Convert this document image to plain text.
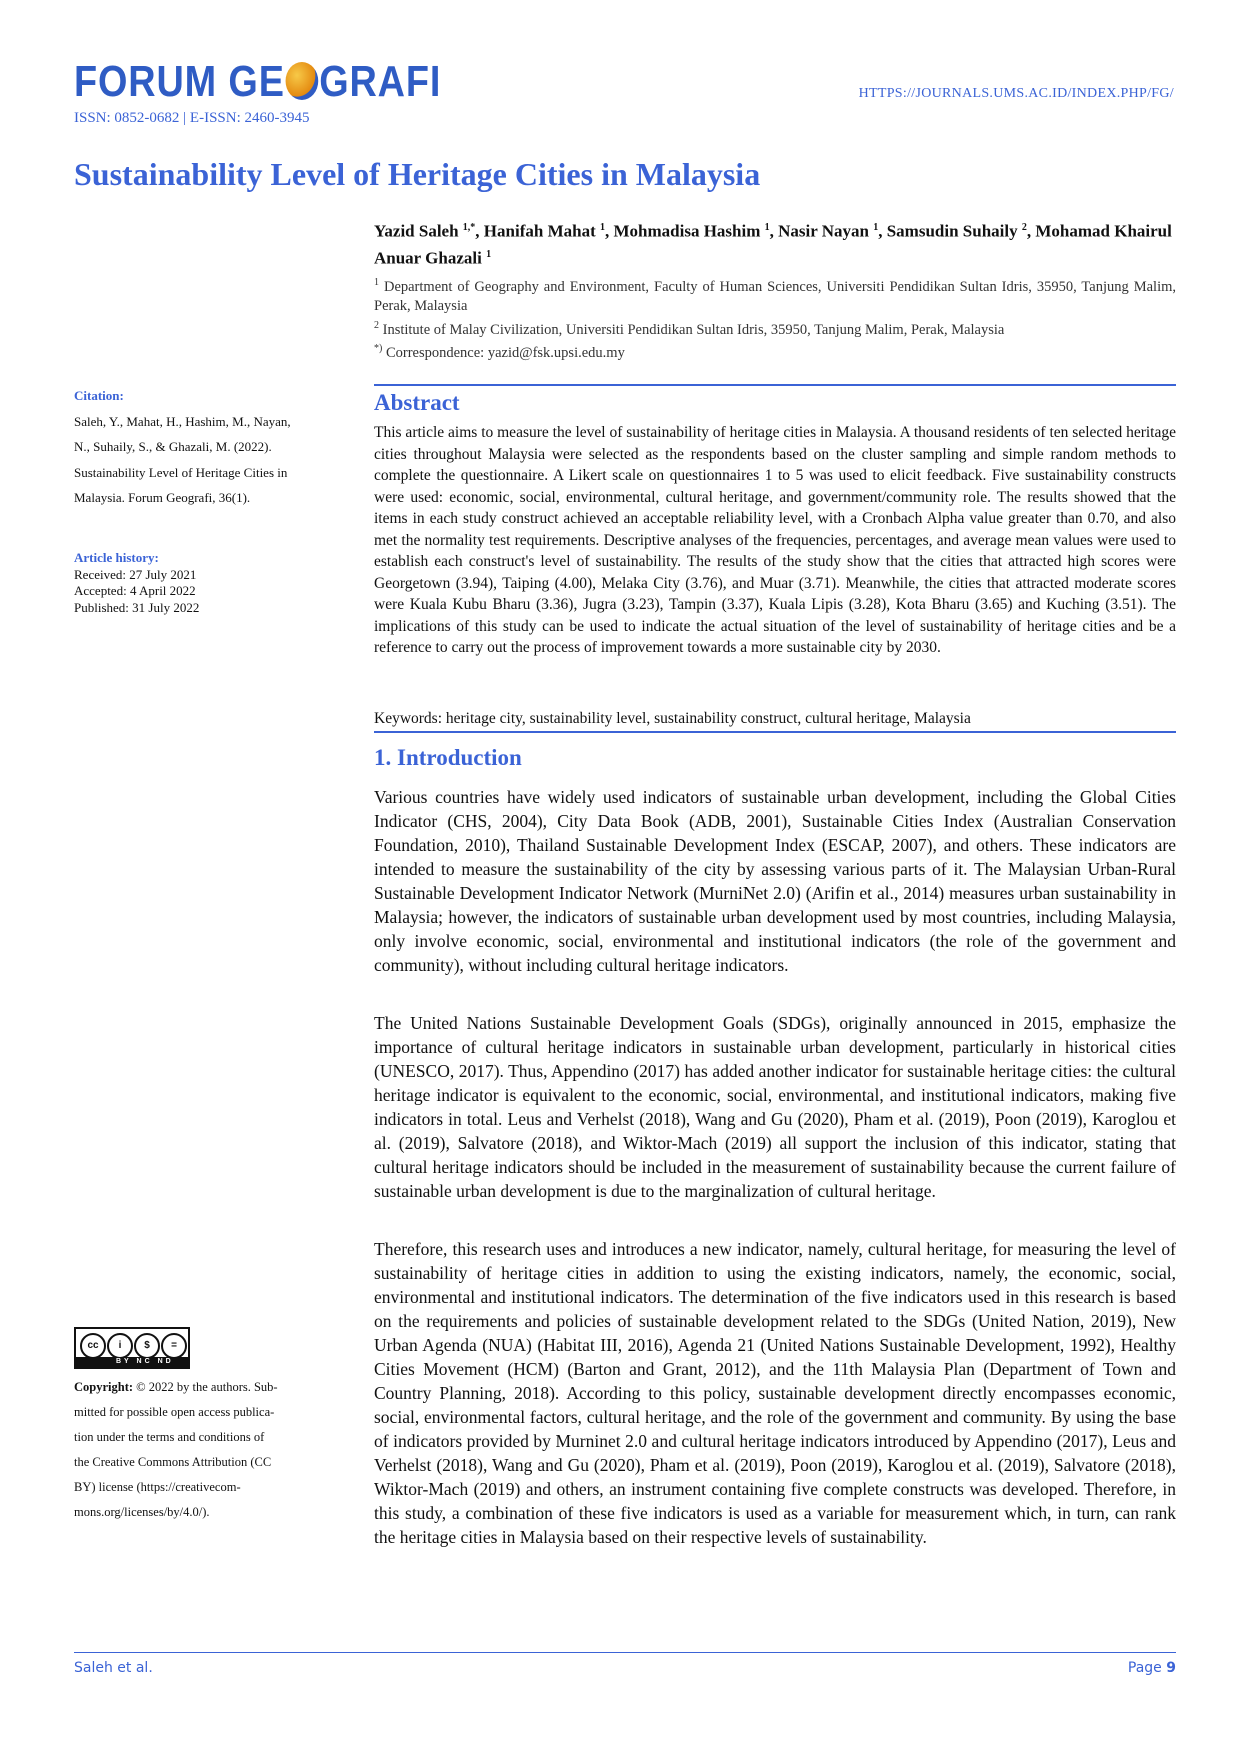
FORUM GE GRAFI
ISSN: 0852-0682 | E-ISSN: 2460-3945
HTTPS://JOURNALS.UMS.AC.ID/INDEX.PHP/FG/
Sustainability Level of Heritage Cities in Malaysia
Yazid Saleh $^{1,*}$, Hanifah Mahat $^1$, Mohmadisa Hashim $^1$, Nasir Nayan $^1$, Samsudin Suhaily $^2$, Mohamad Khairul Anuar Ghazali $^1$

$^1$ Department of Geography and Environment, Faculty of Human Sciences, Universiti Pendidikan Sultan Idris, 35950, Tanjung Malim, Perak, Malaysia

$^2$ Institute of Malay Civilization, Universiti Pendidikan Sultan Idris, 35950, Tanjung Malim, Perak, Malaysia

*) Correspondence: yazid@fsk.upsi.edu.my
Citation:
Saleh, Y., Mahat, H., Hashim, M., Nayan,
N., Suhaily, S., & Ghazali, M. (2022).
Sustainability Level of Heritage Cities in
Malaysia. Forum Geografi, 36(1).
Article history:
Received: 27 July 2021
Accepted: 4 April 2022
Published: 31 July 2022
Abstract
This article aims to measure the level of sustainability of heritage cities in Malaysia. A thousand residents of ten selected heritage cities throughout Malaysia were selected as the respondents based on the cluster sampling and simple random methods to complete the questionnaire. A Likert scale on questionnaires 1 to 5 was used to elicit feedback. Five sustainability constructs were used: economic, social, environmental, cultural heritage, and government/community role. The results showed that the items in each study construct achieved an acceptable reliability level, with a Cronbach Alpha value greater than 0.70, and also met the normality test requirements. Descriptive analyses of the frequencies, percentages, and average mean values were used to establish each construct's level of sustainability. The results of the study show that the cities that attracted high scores were Georgetown (3.94), Taiping (4.00), Melaka City (3.76), and Muar (3.71). Meanwhile, the cities that attracted moderate scores were Kuala Kubu Bharu (3.36), Jugra (3.23), Tampin (3.37), Kuala Lipis (3.28), Kota Bharu (3.65) and Kuching (3.51). The implications of this study can be used to indicate the actual situation of the level of sustainability of heritage cities and be a reference to carry out the process of improvement towards a more sustainable city by 2030.
Keywords: heritage city, sustainability level, sustainability construct, cultural heritage, Malaysia
1. Introduction
Various countries have widely used indicators of sustainable urban development, including the Global Cities Indicator (CHS, 2004), City Data Book (ADB, 2001), Sustainable Cities Index (Australian Conservation Foundation, 2010), Thailand Sustainable Development Index (ESCAP, 2007), and others. These indicators are intended to measure the sustainability of the city by assessing various parts of it. The Malaysian Urban-Rural Sustainable Development Indicator Network (MurniNet 2.0) (Arifin et al., 2014) measures urban sustainability in Malaysia; however, the indicators of sustainable urban development used by most countries, including Malaysia, only involve economic, social, environmental and institutional indicators (the role of the government and community), without including cultural heritage indicators.
The United Nations Sustainable Development Goals (SDGs), originally announced in 2015, emphasize the importance of cultural heritage indicators in sustainable urban development, particularly in historical cities (UNESCO, 2017). Thus, Appendino (2017) has added another indicator for sustainable heritage cities: the cultural heritage indicator is equivalent to the economic, social, environmental, and institutional indicators, making five indicators in total. Leus and Verhelst (2018), Wang and Gu (2020), Pham et al. (2019), Poon (2019), Karoglou et al. (2019), Salvatore (2018), and Wiktor-Mach (2019) all support the inclusion of this indicator, stating that cultural heritage indicators should be included in the measurement of sustainability because the current failure of sustainable urban development is due to the marginalization of cultural heritage.
Therefore, this research uses and introduces a new indicator, namely, cultural heritage, for measuring the level of sustainability of heritage cities in addition to using the existing indicators, namely, the economic, social, environmental and institutional indicators. The determination of the five indicators used in this research is based on the requirements and policies of sustainable development related to the SDGs (United Nation, 2019), New Urban Agenda (NUA) (Habitat III, 2016), Agenda 21 (United Nations Sustainable Development, 1992), Healthy Cities Movement (HCM) (Barton and Grant, 2012), and the 11th Malaysia Plan (Department of Town and Country Planning, 2018). According to this policy, sustainable development directly encompasses economic, social, environmental factors, cultural heritage, and the role of the government and community. By using the base of indicators provided by Murninet 2.0 and cultural heritage indicators introduced by Appendino (2017), Leus and Verhelst (2018), Wang and Gu (2020), Pham et al. (2019), Poon (2019), Karoglou et al. (2019), Salvatore (2018), Wiktor-Mach (2019) and others, an instrument containing five complete constructs was developed. Therefore, in this study, a combination of these five indicators is used as a variable for measurement which, in turn, can rank the heritage cities in Malaysia based on their respective levels of sustainability.
cc	i	$	=
BY NC ND
Copyright: © 2022 by the authors. Sub-
mitted for possible open access publica-
tion under the terms and conditions of
the Creative Commons Attribution (CC
BY) license (https://creativecom-
mons.org/licenses/by/4.0/).
Saleh et al.	Page 9
